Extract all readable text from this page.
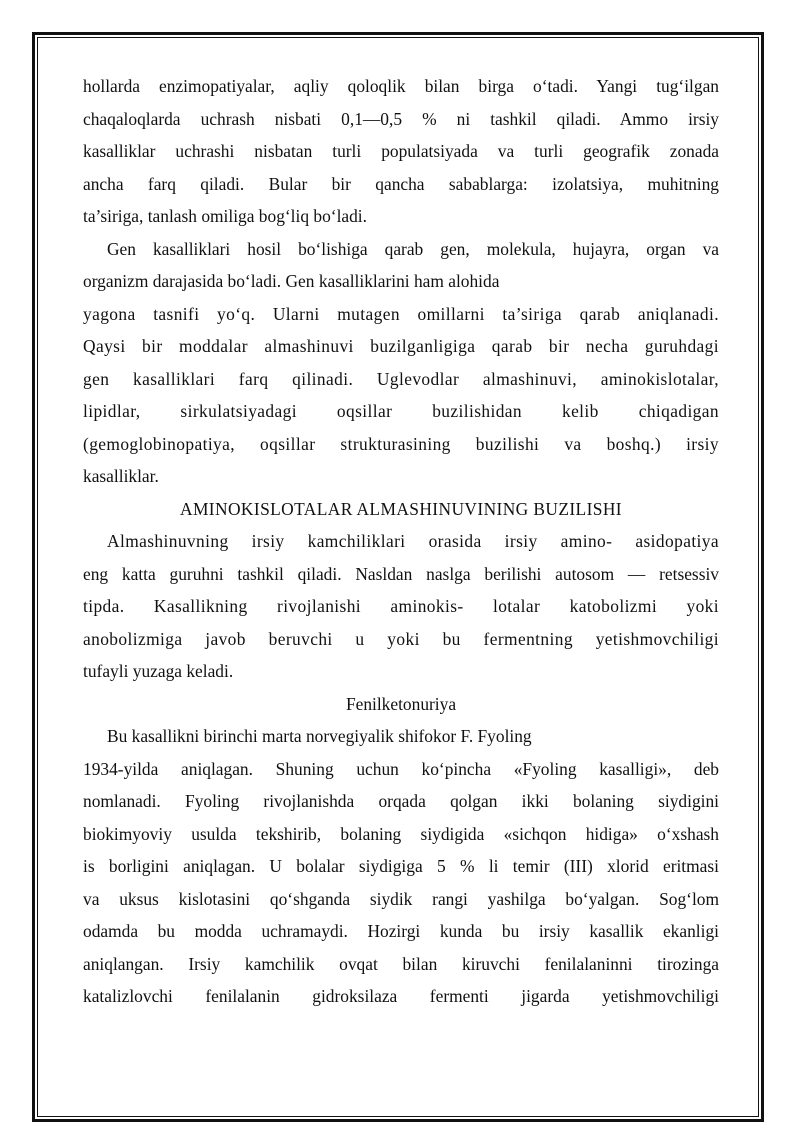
hollarda enzimopatiyalar, aqliy qoloqlik bilan birga o‘tadi. Yangi tug‘ilgan
chaqaloqlarda uchrash nisbati 0,1—0,5 % ni tashkil qiladi. Ammo irsiy
kasalliklar uchrashi nisbatan turli populatsiyada va turli geografik zonada
ancha farq qiladi. Bular bir qancha sabablarga: izolatsiya, muhitning
ta’siriga, tanlash omiliga bog‘liq bo‘ladi.
Gen kasalliklari hosil bo‘lishiga qarab gen, molekula, hujayra, organ va
organizm darajasida bo‘ladi. Gen kasalliklarini ham alohida
yagona tasnifi yo‘q. Ularni mutagen omillarni ta’siriga qarab aniqlanadi.
Qaysi bir moddalar almashinuvi buzilganligiga qarab bir necha guruhdagi
gen kasalliklari farq qilinadi. Uglevodlar almashinuvi, aminokislotalar,
lipidlar, sirkulatsiyadagi oqsillar buzilishidan kelib chiqadigan
(gemoglobinopatiya, oqsillar strukturasining buzilishi va boshq.) irsiy
kasalliklar.
AMINOKISLOTALAR ALMASHINUVINING BUZILISHI
Almashinuvning irsiy kamchiliklari orasida irsiy amino- asidopatiya
eng katta guruhni tashkil qiladi. Nasldan naslga berilishi autosom — retsessiv
tipda. Kasallikning rivojlanishi aminokis- lotalar katobolizmi yoki
anobolizmiga javob beruvchi u yoki bu fermentning yetishmovchiligi
tufayli yuzaga keladi.
Fenilketonuriya
Bu kasallikni birinchi marta norvegiyalik shifokor F. Fyoling
1934-yilda aniqlagan. Shuning uchun ko‘pincha «Fyoling kasalligi», deb
nomlanadi. Fyoling rivojlanishda orqada qolgan ikki bolaning siydigini
biokimyoviy usulda tekshirib, bolaning siydigida «sichqon hidiga» o‘xshash
is borligini aniqlagan. U bolalar siydigiga 5 % li temir (III) xlorid eritmasi
va uksus kislotasini qo‘shganda siydik rangi yashilga bo‘yalgan. Sog‘lom
odamda bu modda uchramaydi. Hozirgi kunda bu irsiy kasallik ekanligi
aniqlangan. Irsiy kamchilik ovqat bilan kiruvchi fenilalaninni tirozinga
katalizlovchi fenilalanin gidroksilaza fermenti jigarda yetishmovchiligi
